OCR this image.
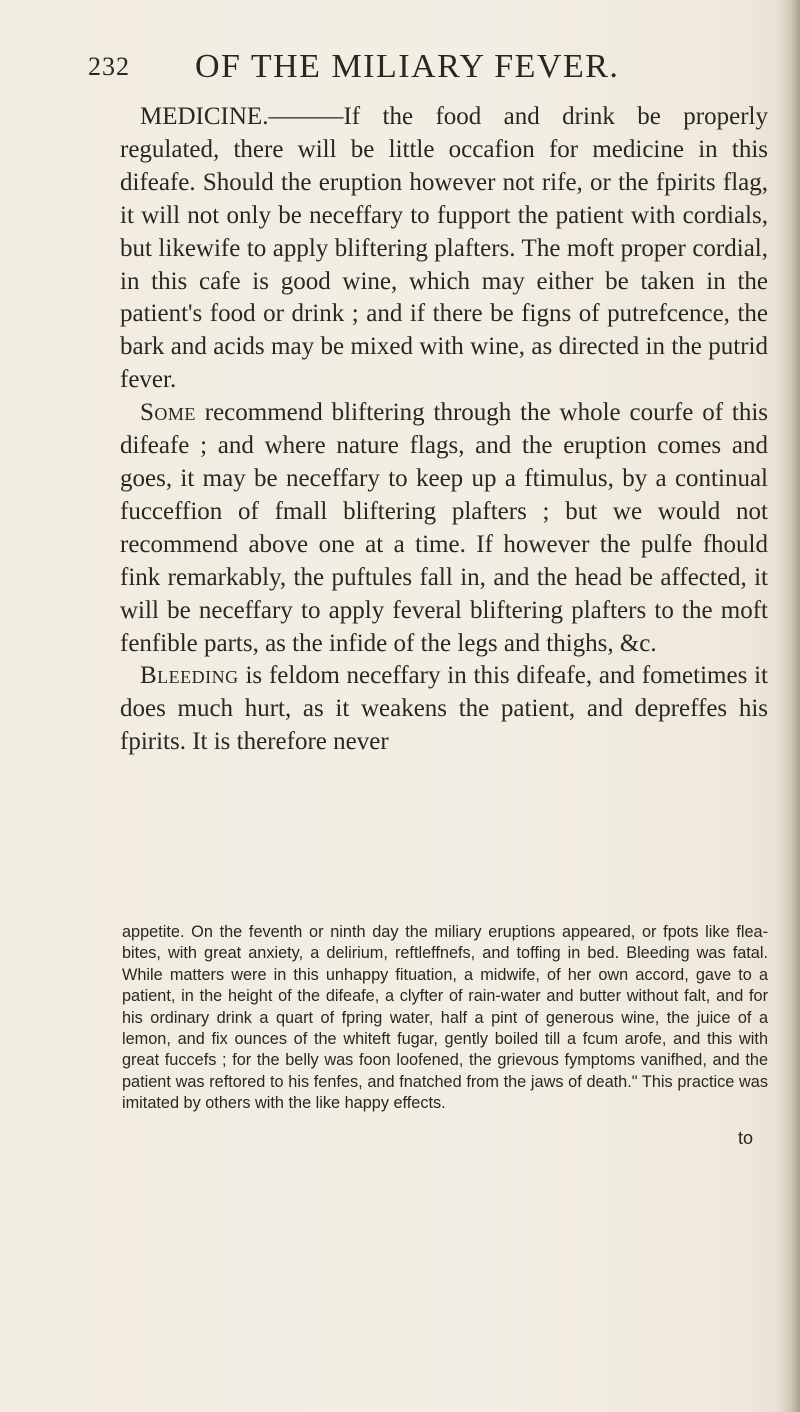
232 OF THE MILIARY FEVER.

MEDICINE.———If the food and drink be properly regulated, there will be little occafion for medicine in this difeafe. Should the eruption however not rife, or the fpirits flag, it will not only be neceffary to fupport the patient with cordials, but likewife to apply bliftering plafters. The moft proper cordial, in this cafe is good wine, which may either be taken in the patient's food or drink ; and if there be figns of putrefcence, the bark and acids may be mixed with wine, as directed in the putrid fever.

Some recommend bliftering through the whole courfe of this difeafe ; and where nature flags, and the eruption comes and goes, it may be neceffary to keep up a ftimulus, by a continual fucceffion of fmall bliftering plafters ; but we would not recommend above one at a time. If however the pulfe fhould fink remarkably, the puftules fall in, and the head be affected, it will be neceffary to apply feveral bliftering plafters to the moft fenfible parts, as the infide of the legs and thighs, &c.

Bleeding is feldom neceffary in this difeafe, and fometimes it does much hurt, as it weakens the patient, and depreffes his fpirits. It is therefore never

appetite. On the feventh or ninth day the miliary eruptions appeared, or fpots like flea-bites, with great anxiety, a delirium, reftleffnefs, and toffing in bed. Bleeding was fatal. While matters were in this unhappy fituation, a midwife, of her own accord, gave to a patient, in the height of the difeafe, a clyfter of rain-water and butter without falt, and for his ordinary drink a quart of fpring water, half a pint of generous wine, the juice of a lemon, and fix ounces of the whiteft fugar, gently boiled till a fcum arofe, and this with great fuccefs ; for the belly was foon loofened, the grievous fymptoms vanifhed, and the patient was reftored to his fenfes, and fnatched from the jaws of death." This practice was imitated by others with the like happy effects.

to
